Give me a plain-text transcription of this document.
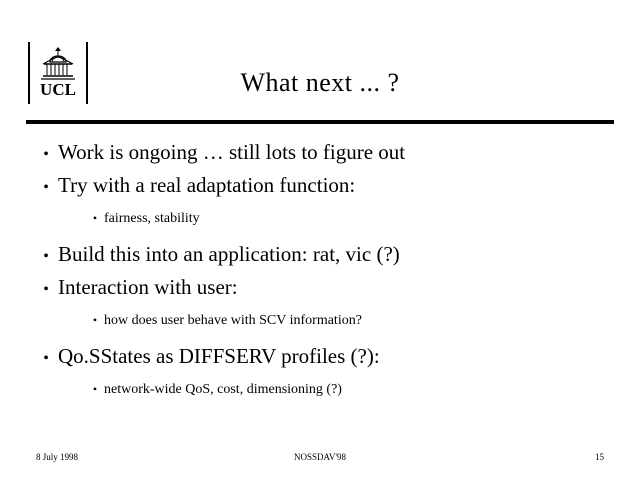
UCL	What next ... ?
• Work is ongoing … still lots to figure out
• Try with a real adaptation function:
• fairness, stability
• Build this into an application: rat, vic (?)
• Interaction with user:
• how does user behave with SCV information?
• Qo.SStates as DIFFSERV profiles (?):
• network-wide QoS, cost, dimensioning (?)
8 July 1998	NOSSDAV'98	15
